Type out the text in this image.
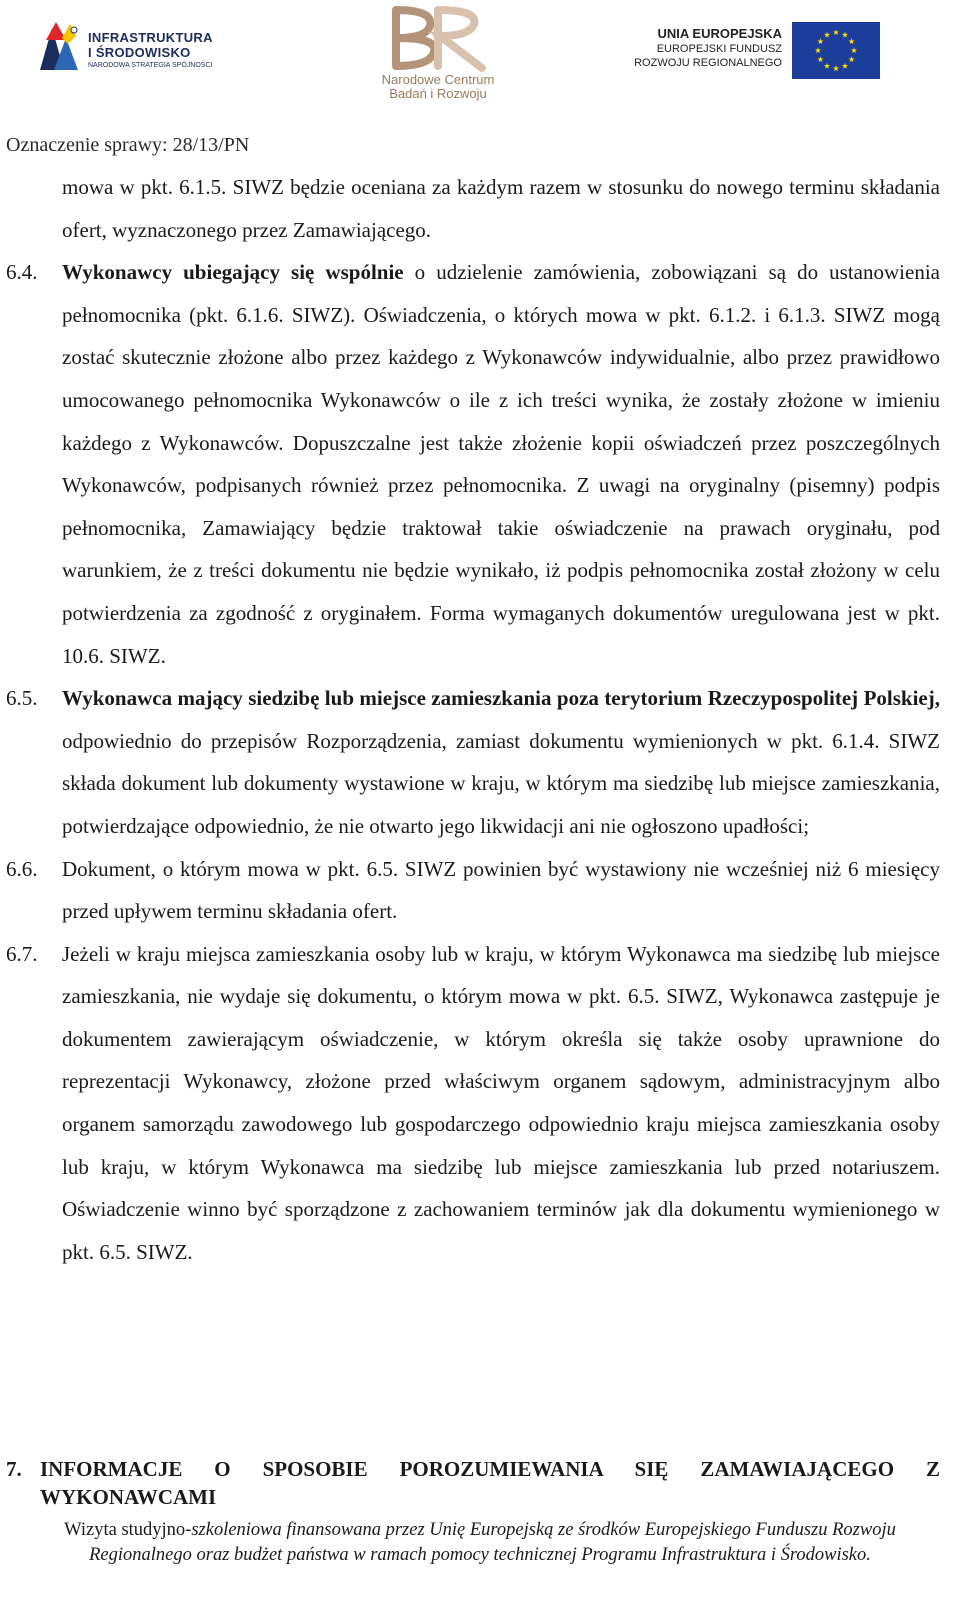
INFRASTRUKTURA
I ŚRODOWISKO
NARODOWA STRATEGIA SPÓJNOŚCI
Narodowe Centrum
Badań i Rozwoju
UNIA EUROPEJSKA
EUROPEJSKI FUNDUSZ
ROZWOJU REGIONALNEGO
Oznaczenie sprawy: 28/13/PN
mowa w pkt. 6.1.5. SIWZ będzie oceniana za każdym razem w stosunku do nowego terminu składania ofert, wyznaczonego przez Zamawiającego.
6.4.	Wykonawcy ubiegający się wspólnie o udzielenie zamówienia, zobowiązani są do ustanowienia pełnomocnika (pkt. 6.1.6. SIWZ). Oświadczenia, o których mowa w pkt. 6.1.2. i 6.1.3. SIWZ mogą zostać skutecznie złożone albo przez każdego z Wykonawców indywidualnie, albo przez prawidłowo umocowanego pełnomocnika Wykonawców o ile z ich treści wynika, że zostały złożone w imieniu każdego z Wykonawców. Dopuszczalne jest także złożenie kopii oświadczeń przez poszczególnych Wykonawców, podpisanych również przez pełnomocnika. Z uwagi na oryginalny (pisemny) podpis pełnomocnika, Zamawiający będzie traktował takie oświadczenie na prawach oryginału, pod warunkiem, że z treści dokumentu nie będzie wynikało, iż podpis pełnomocnika został złożony w celu potwierdzenia za zgodność z oryginałem. Forma wymaganych dokumentów uregulowana jest w pkt. 10.6. SIWZ.
6.5.	Wykonawca mający siedzibę lub miejsce zamieszkania poza terytorium Rzeczypospolitej Polskiej, odpowiednio do przepisów Rozporządzenia, zamiast dokumentu wymienionych w pkt. 6.1.4. SIWZ składa dokument lub dokumenty wystawione w kraju, w którym ma siedzibę lub miejsce zamieszkania, potwierdzające odpowiednio, że nie otwarto jego likwidacji ani nie ogłoszono upadłości;
6.6.	Dokument, o którym mowa w pkt. 6.5. SIWZ powinien być wystawiony nie wcześniej niż 6 miesięcy przed upływem terminu składania ofert.
6.7.	Jeżeli w kraju miejsca zamieszkania osoby lub w kraju, w którym Wykonawca ma siedzibę lub miejsce zamieszkania, nie wydaje się dokumentu, o którym mowa w pkt. 6.5. SIWZ, Wykonawca zastępuje je dokumentem zawierającym oświadczenie, w którym określa się także osoby uprawnione do reprezentacji Wykonawcy, złożone przed właściwym organem sądowym, administracyjnym albo organem samorządu zawodowego lub gospodarczego odpowiednio kraju miejsca zamieszkania osoby lub kraju, w którym Wykonawca ma siedzibę lub miejsce zamieszkania lub przed notariuszem. Oświadczenie winno być sporządzone z zachowaniem terminów jak dla dokumentu wymienionego w pkt. 6.5. SIWZ.
7. INFORMACJE O SPOSOBIE POROZUMIEWANIA SIĘ ZAMAWIAJĄCEGO Z WYKONAWCAMI
Wizyta studyjno-szkoleniowa finansowana przez Unię Europejską ze środków Europejskiego Funduszu Rozwoju
Regionalnego oraz budżet państwa w ramach pomocy technicznej Programu Infrastruktura i Środowisko.
